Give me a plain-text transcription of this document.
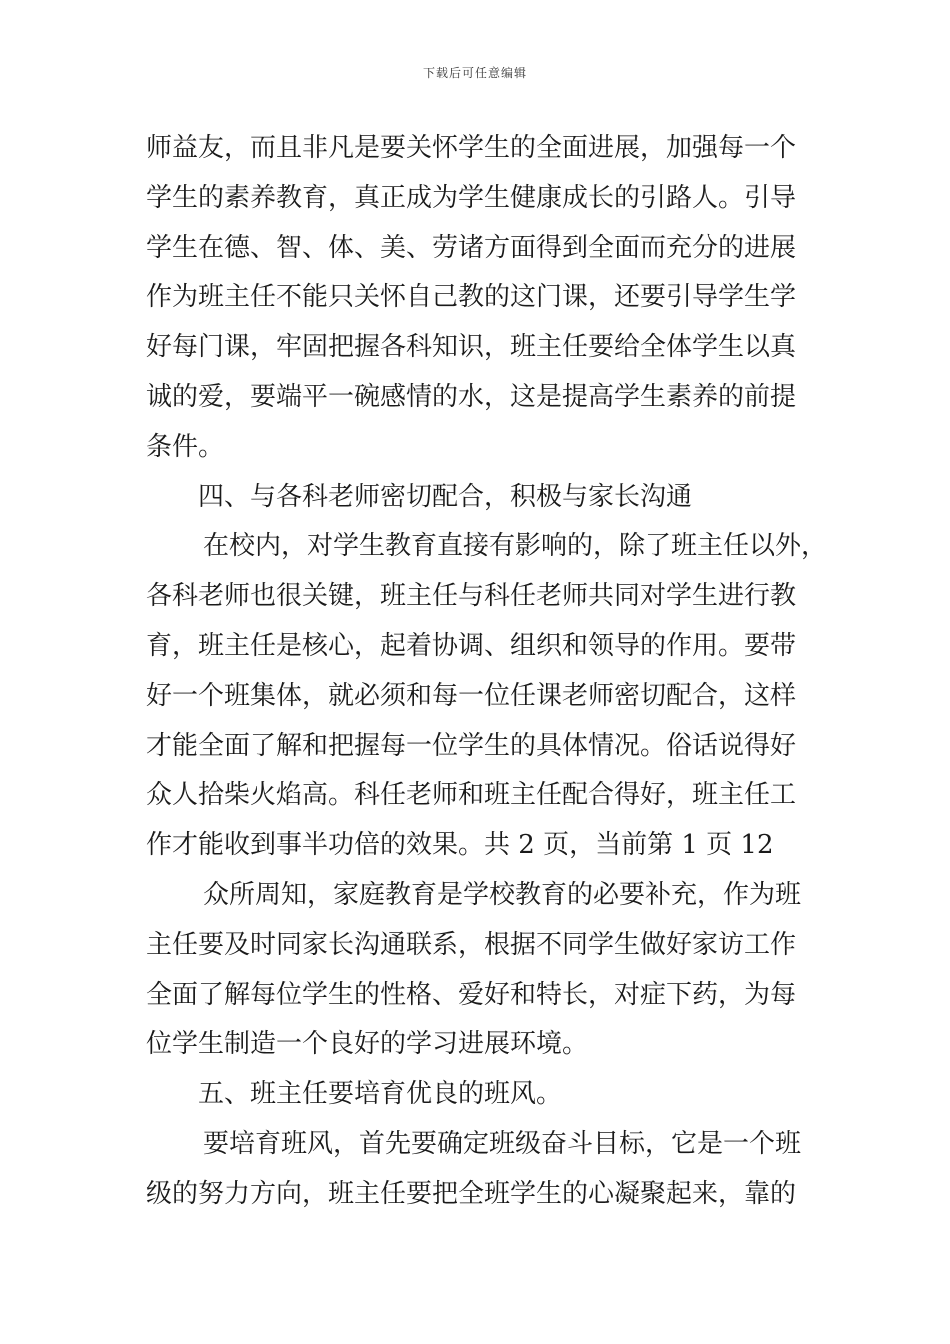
下载后可任意编辑
师益友，而且非凡是要关怀学生的全面进展，加强每一个
学生的素养教育，真正成为学生健康成长的引路人。引导
学生在德、智、体、美、劳诸方面得到全面而充分的进展
作为班主任不能只关怀自己教的这门课，还要引导学生学
好每门课，牢固把握各科知识，班主任要给全体学生以真
诚的爱，要端平一碗感情的水，这是提高学生素养的前提
条件。
四、与各科老师密切配合，积极与家长沟通
在校内，对学生教育直接有影响的，除了班主任以外，
各科老师也很关键，班主任与科任老师共同对学生进行教
育，班主任是核心，起着协调、组织和领导的作用。要带
好一个班集体，就必须和每一位任课老师密切配合，这样
才能全面了解和把握每一位学生的具体情况。俗话说得好
众人拾柴火焰高。科任老师和班主任配合得好，班主任工
作才能收到事半功倍的效果。共 2 页，当前第 1 页 12
众所周知，家庭教育是学校教育的必要补充，作为班
主任要及时同家长沟通联系，根据不同学生做好家访工作
全面了解每位学生的性格、爱好和特长，对症下药，为每
位学生制造一个良好的学习进展环境。
五、班主任要培育优良的班风。
要培育班风，首先要确定班级奋斗目标，它是一个班
级的努力方向，班主任要把全班学生的心凝聚起来，靠的
